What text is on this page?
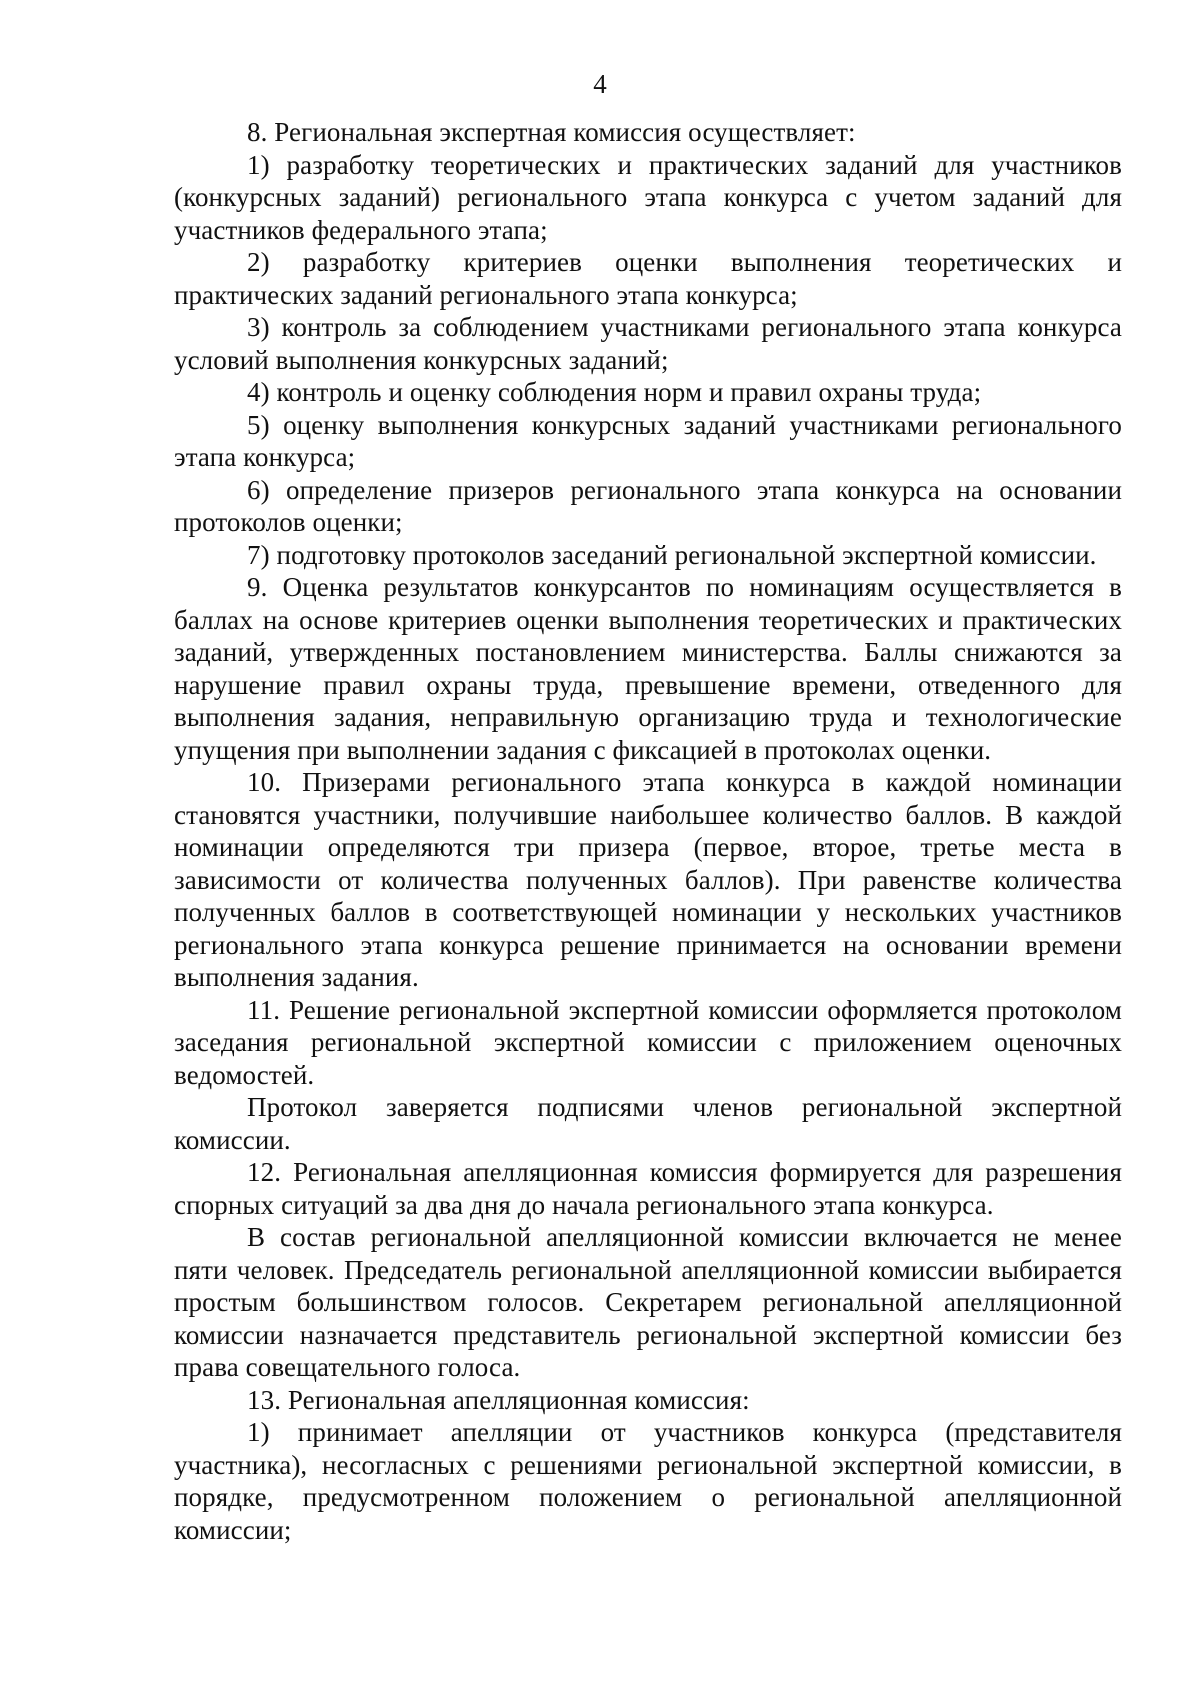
4

8. Региональная экспертная комиссия осуществляет:

1) разработку теоретических и практических заданий для участников (конкурсных заданий) регионального этапа конкурса с учетом заданий для участников федерального этапа;

2) разработку критериев оценки выполнения теоретических и практических заданий регионального этапа конкурса;

3) контроль за соблюдением участниками регионального этапа конкурса условий выполнения конкурсных заданий;

4) контроль и оценку соблюдения норм и правил охраны труда;

5) оценку выполнения конкурсных заданий участниками регионального этапа конкурса;

6) определение призеров регионального этапа конкурса на основании протоколов оценки;

7) подготовку протоколов заседаний региональной экспертной комиссии.

9. Оценка результатов конкурсантов по номинациям осуществляется в баллах на основе критериев оценки выполнения теоретических и практических заданий, утвержденных постановлением министерства. Баллы снижаются за нарушение правил охраны труда, превышение времени, отведенного для выполнения задания, неправильную организацию труда и технологические упущения при выполнении задания с фиксацией в протоколах оценки.

10. Призерами регионального этапа конкурса в каждой номинации становятся участники, получившие наибольшее количество баллов. В каждой номинации определяются три призера (первое, второе, третье места в зависимости от количества полученных баллов). При равенстве количества полученных баллов в соответствующей номинации у нескольких участников регионального этапа конкурса решение принимается на основании времени выполнения задания.

11. Решение региональной экспертной комиссии оформляется протоколом заседания региональной экспертной комиссии с приложением оценочных ведомостей.

Протокол заверяется подписями членов региональной экспертной комиссии.

12. Региональная апелляционная комиссия формируется для разрешения спорных ситуаций за два дня до начала регионального этапа конкурса.

В состав региональной апелляционной комиссии включается не менее пяти человек. Председатель региональной апелляционной комиссии выбирается простым большинством голосов. Секретарем региональной апелляционной комиссии назначается представитель региональной экспертной комиссии без права совещательного голоса.

13. Региональная апелляционная комиссия:

1) принимает апелляции от участников конкурса (представителя участника), несогласных с решениями региональной экспертной комиссии, в порядке, предусмотренном положением о региональной апелляционной комиссии;
